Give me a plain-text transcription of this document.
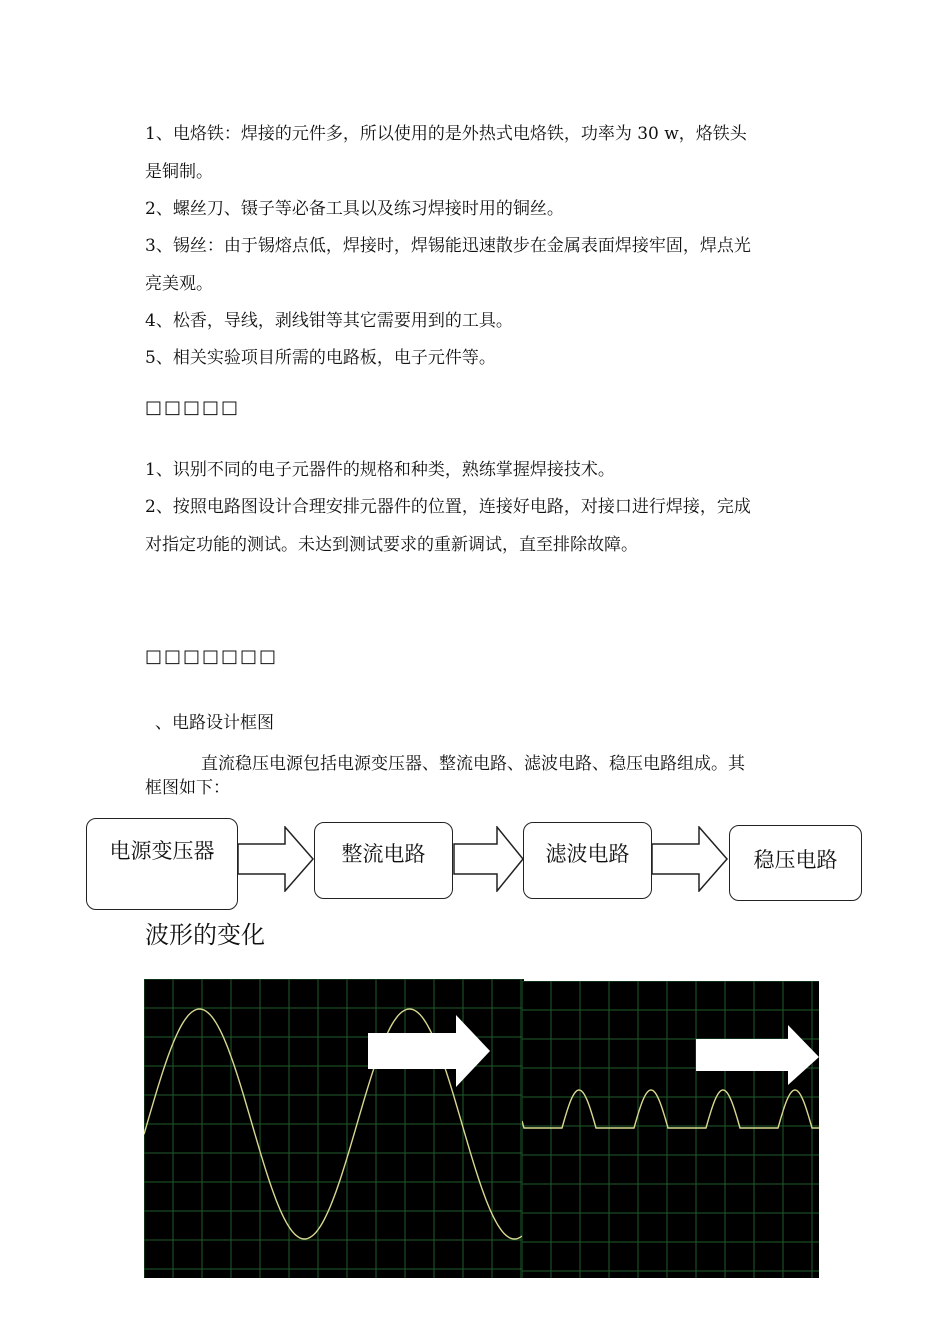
1、电烙铁：焊接的元件多，所以使用的是外热式电烙铁，功率为 30 w，烙铁头
是铜制。
2、螺丝刀、镊子等必备工具以及练习焊接时用的铜丝。
3、锡丝：由于锡熔点低，焊接时，焊锡能迅速散步在金属表面焊接牢固，焊点光
亮美观。
4、松香，导线，剥线钳等其它需要用到的工具。
5、相关实验项目所需的电路板，电子元件等。
□□□□□
1、识别不同的电子元器件的规格和种类，熟练掌握焊接技术。
2、按照电路图设计合理安排元器件的位置，连接好电路，对接口进行焊接，完成
对指定功能的测试。未达到测试要求的重新调试，直至排除故障。
□□□□□□□
、电路设计框图
直流稳压电源包括电源变压器、整流电路、滤波电路、稳压电路组成。其
框图如下：
电源变压器	整流电路	滤波电路	稳压电路
波形的变化
